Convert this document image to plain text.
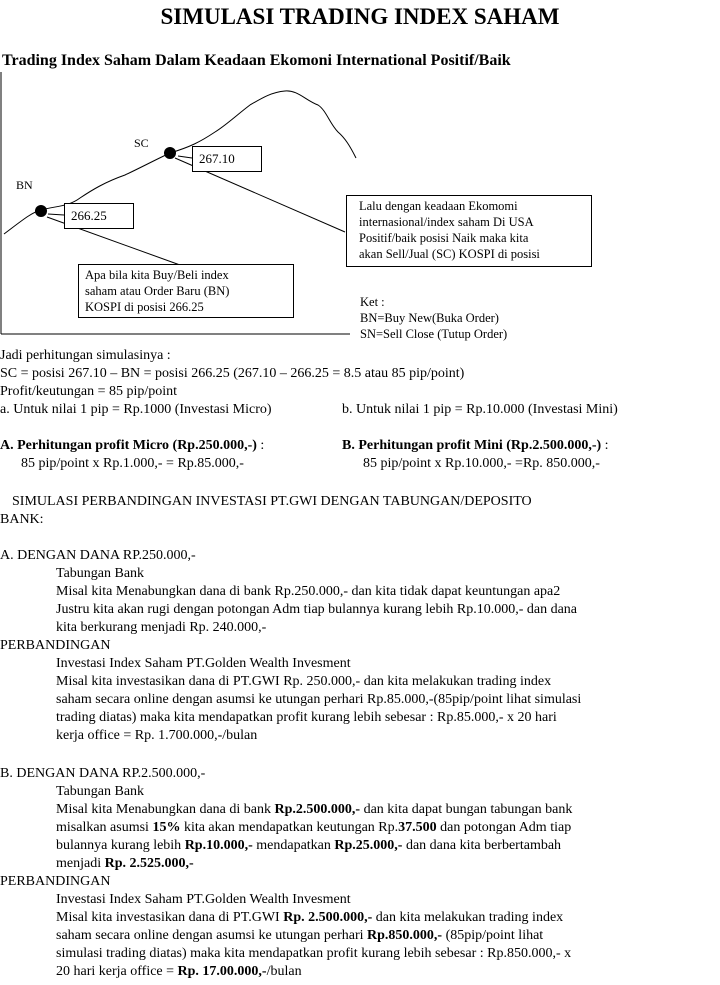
SIMULASI TRADING INDEX SAHAM
Trading Index Saham Dalam Keadaan Ekomoni International Positif/Baik
BN
SC
266.25
267.10
Apa bila kita Buy/Beli index
saham atau Order Baru (BN)
KOSPI di posisi 266.25
Lalu dengan keadaan Ekomomi
internasional/index saham Di USA
Positif/baik posisi Naik maka kita
akan Sell/Jual (SC) KOSPI di posisi
Ket :
BN=Buy New(Buka Order)
SN=Sell Close (Tutup Order)
Jadi perhitungan simulasinya :
SC = posisi 267.10 – BN = posisi 266.25 (267.10 – 266.25 = 8.5 atau 85 pip/point)
Profit/keutungan = 85 pip/point
a. Untuk nilai 1 pip = Rp.1000 (Investasi Micro)	b. Untuk nilai 1 pip = Rp.10.000 (Investasi Mini)
A. Perhitungan profit Micro (Rp.250.000,-) :	B. Perhitungan profit Mini (Rp.2.500.000,-) :
85 pip/point x Rp.1.000,- = Rp.85.000,-	85 pip/point x Rp.10.000,- =Rp. 850.000,-
SIMULASI PERBANDINGAN INVESTASI PT.GWI DENGAN TABUNGAN/DEPOSITO
BANK:
A. DENGAN DANA RP.250.000,-
Tabungan Bank
Misal kita Menabungkan dana di bank Rp.250.000,- dan kita tidak dapat keuntungan apa2
Justru kita akan rugi dengan potongan Adm tiap bulannya kurang lebih Rp.10.000,- dan dana
kita berkurang menjadi Rp. 240.000,-
PERBANDINGAN
Investasi Index Saham PT.Golden Wealth Invesment
Misal kita investasikan dana di PT.GWI Rp. 250.000,- dan kita melakukan trading index
saham secara online dengan asumsi ke utungan perhari Rp.85.000,-(85pip/point lihat simulasi
trading diatas) maka kita mendapatkan profit kurang lebih sebesar : Rp.85.000,- x 20 hari
kerja office = Rp. 1.700.000,-/bulan
B. DENGAN DANA RP.2.500.000,-
Tabungan Bank
Misal kita Menabungkan dana di bank Rp.2.500.000,- dan kita dapat bungan tabungan bank
misalkan asumsi 15% kita akan mendapatkan keutungan Rp.37.500 dan potongan Adm tiap
bulannya kurang lebih Rp.10.000,- mendapatkan Rp.25.000,- dan dana kita berbertambah
menjadi Rp. 2.525.000,-
PERBANDINGAN
Investasi Index Saham PT.Golden Wealth Invesment
Misal kita investasikan dana di PT.GWI Rp. 2.500.000,- dan kita melakukan trading index
saham secara online dengan asumsi ke utungan perhari Rp.850.000,- (85pip/point lihat
simulasi trading diatas) maka kita mendapatkan profit kurang lebih sebesar : Rp.850.000,- x
20 hari kerja office = Rp. 17.00.000,-/bulan
